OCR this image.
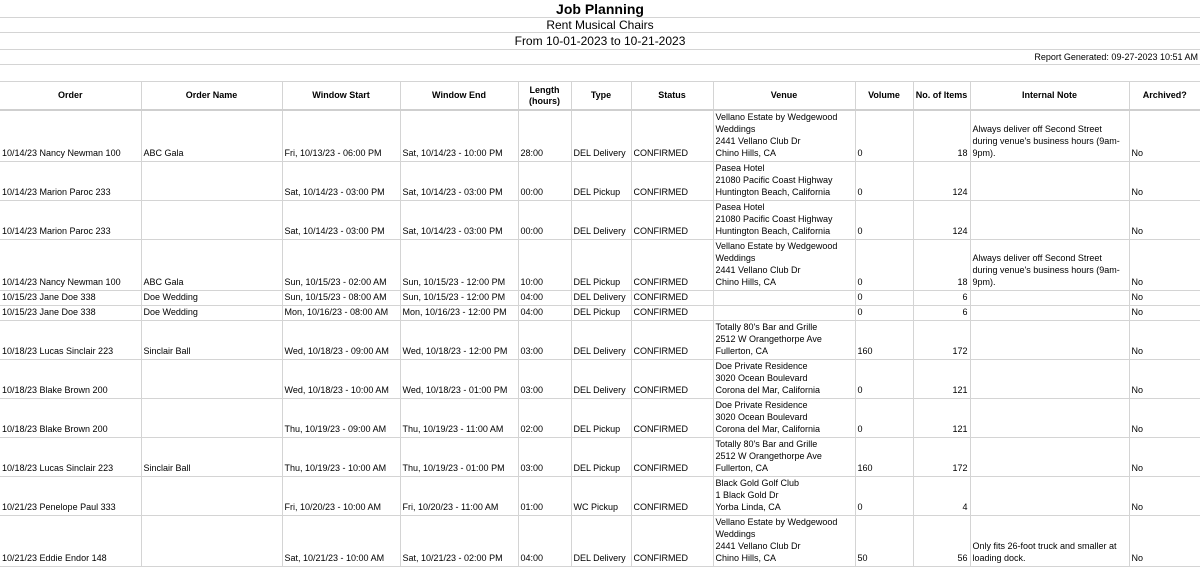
Job Planning
Rent Musical Chairs
From 10-01-2023 to 10-21-2023
Report Generated: 09-27-2023 10:51 AM
Order	Order Name	Window Start	Window End	Length (hours)	Type	Status	Venue	Volume	No. of Items	Internal Note	Archived?
10/14/23 Nancy Newman 100	ABC Gala	Fri, 10/13/23 - 06:00 PM	Sat, 10/14/23 - 10:00 PM	28:00	DEL Delivery	CONFIRMED	Vellano Estate by Wedgewood
Weddings
2441 Vellano Club Dr
Chino Hills, CA	0	18	Always deliver off Second Street during venue's business hours (9am-9pm).	No
10/14/23 Marion Paroc 233		Sat, 10/14/23 - 03:00 PM	Sat, 10/14/23 - 03:00 PM	00:00	DEL Pickup	CONFIRMED	Pasea Hotel
21080 Pacific Coast Highway
Huntington Beach, California	0	124		No
10/14/23 Marion Paroc 233		Sat, 10/14/23 - 03:00 PM	Sat, 10/14/23 - 03:00 PM	00:00	DEL Delivery	CONFIRMED	Pasea Hotel
21080 Pacific Coast Highway
Huntington Beach, California	0	124		No
10/14/23 Nancy Newman 100	ABC Gala	Sun, 10/15/23 - 02:00 AM	Sun, 10/15/23 - 12:00 PM	10:00	DEL Pickup	CONFIRMED	Vellano Estate by Wedgewood
Weddings
2441 Vellano Club Dr
Chino Hills, CA	0	18	Always deliver off Second Street during venue's business hours (9am-9pm).	No
10/15/23 Jane Doe 338	Doe Wedding	Sun, 10/15/23 - 08:00 AM	Sun, 10/15/23 - 12:00 PM	04:00	DEL Delivery	CONFIRMED		0	6		No
10/15/23 Jane Doe 338	Doe Wedding	Mon, 10/16/23 - 08:00 AM	Mon, 10/16/23 - 12:00 PM	04:00	DEL Pickup	CONFIRMED		0	6		No
10/18/23 Lucas Sinclair 223	Sinclair Ball	Wed, 10/18/23 - 09:00 AM	Wed, 10/18/23 - 12:00 PM	03:00	DEL Delivery	CONFIRMED	Totally 80's Bar and Grille
2512 W Orangethorpe Ave
Fullerton, CA	160	172		No
10/18/23 Blake Brown 200		Wed, 10/18/23 - 10:00 AM	Wed, 10/18/23 - 01:00 PM	03:00	DEL Delivery	CONFIRMED	Doe Private Residence
3020 Ocean Boulevard
Corona del Mar, California	0	121		No
10/18/23 Blake Brown 200		Thu, 10/19/23 - 09:00 AM	Thu, 10/19/23 - 11:00 AM	02:00	DEL Pickup	CONFIRMED	Doe Private Residence
3020 Ocean Boulevard
Corona del Mar, California	0	121		No
10/18/23 Lucas Sinclair 223	Sinclair Ball	Thu, 10/19/23 - 10:00 AM	Thu, 10/19/23 - 01:00 PM	03:00	DEL Pickup	CONFIRMED	Totally 80's Bar and Grille
2512 W Orangethorpe Ave
Fullerton, CA	160	172		No
10/21/23 Penelope Paul 333		Fri, 10/20/23 - 10:00 AM	Fri, 10/20/23 - 11:00 AM	01:00	WC Pickup	CONFIRMED	Black Gold Golf Club
1 Black Gold Dr
Yorba Linda, CA	0	4		No
10/21/23 Eddie Endor 148		Sat, 10/21/23 - 10:00 AM	Sat, 10/21/23 - 02:00 PM	04:00	DEL Delivery	CONFIRMED	Vellano Estate by Wedgewood
Weddings
2441 Vellano Club Dr
Chino Hills, CA	50	56	Only fits 26-foot truck and smaller at loading dock.	No
